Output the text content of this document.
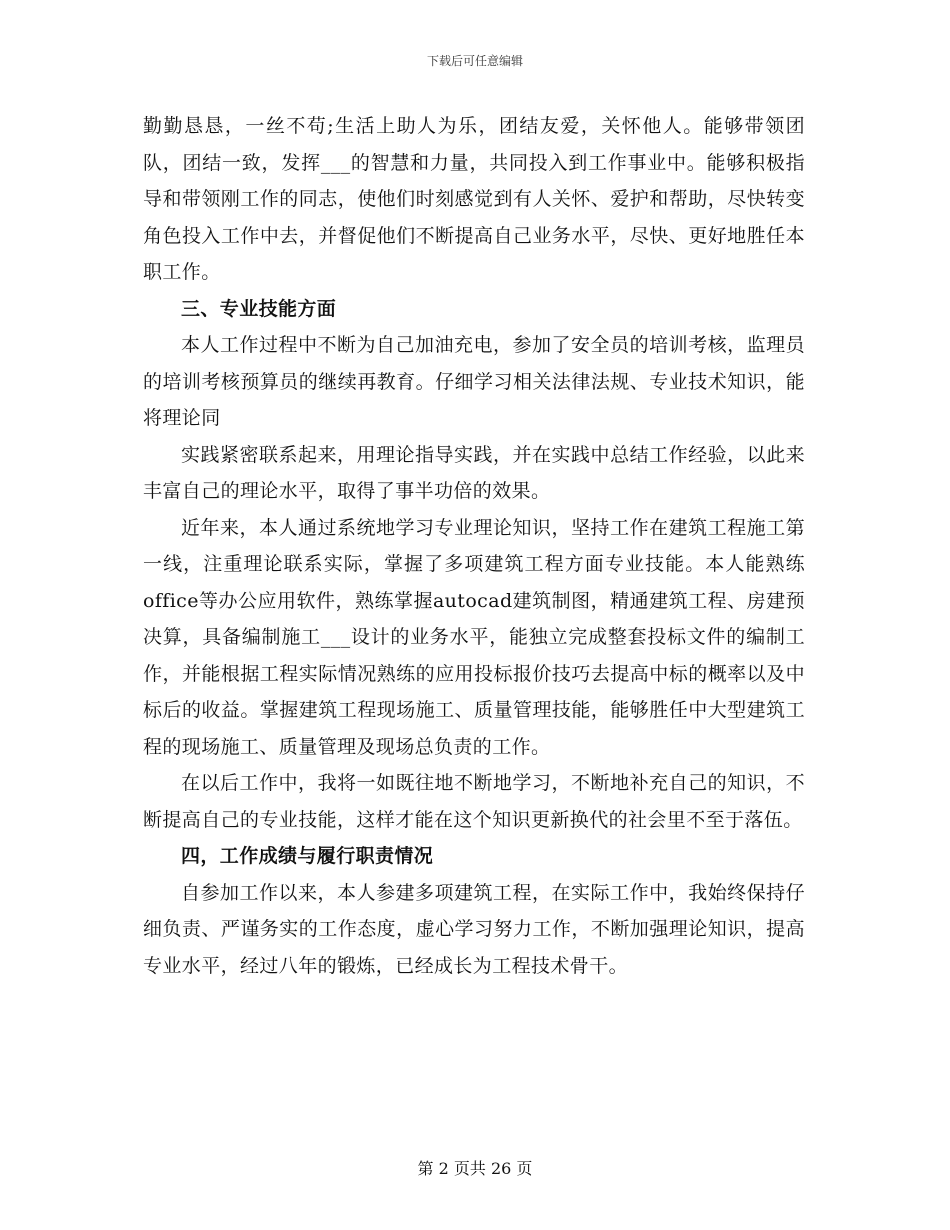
下载后可任意编辑

勤勤恳恳，一丝不苟;生活上助人为乐，团结友爱，关怀他人。能够带领团队，团结一致，发挥___的智慧和力量，共同投入到工作事业中。能够积极指导和带领刚工作的同志，使他们时刻感觉到有人关怀、爱护和帮助，尽快转变角色投入工作中去，并督促他们不断提高自己业务水平，尽快、更好地胜任本职工作。

三、专业技能方面

本人工作过程中不断为自己加油充电，参加了安全员的培训考核，监理员的培训考核预算员的继续再教育。仔细学习相关法律法规、专业技术知识，能将理论同

实践紧密联系起来，用理论指导实践，并在实践中总结工作经验，以此来丰富自己的理论水平，取得了事半功倍的效果。

近年来，本人通过系统地学习专业理论知识，坚持工作在建筑工程施工第一线，注重理论联系实际，掌握了多项建筑工程方面专业技能。本人能熟练office等办公应用软件，熟练掌握autocad建筑制图，精通建筑工程、房建预决算，具备编制施工___设计的业务水平，能独立完成整套投标文件的编制工作，并能根据工程实际情况熟练的应用投标报价技巧去提高中标的概率以及中标后的收益。掌握建筑工程现场施工、质量管理技能，能够胜任中大型建筑工程的现场施工、质量管理及现场总负责的工作。

在以后工作中，我将一如既往地不断地学习，不断地补充自己的知识，不断提高自己的专业技能，这样才能在这个知识更新换代的社会里不至于落伍。

四，工作成绩与履行职责情况

自参加工作以来，本人参建多项建筑工程，在实际工作中，我始终保持仔细负责、严谨务实的工作态度，虚心学习努力工作，不断加强理论知识，提高专业水平，经过八年的锻炼，已经成长为工程技术骨干。

第 2 页共 26 页
